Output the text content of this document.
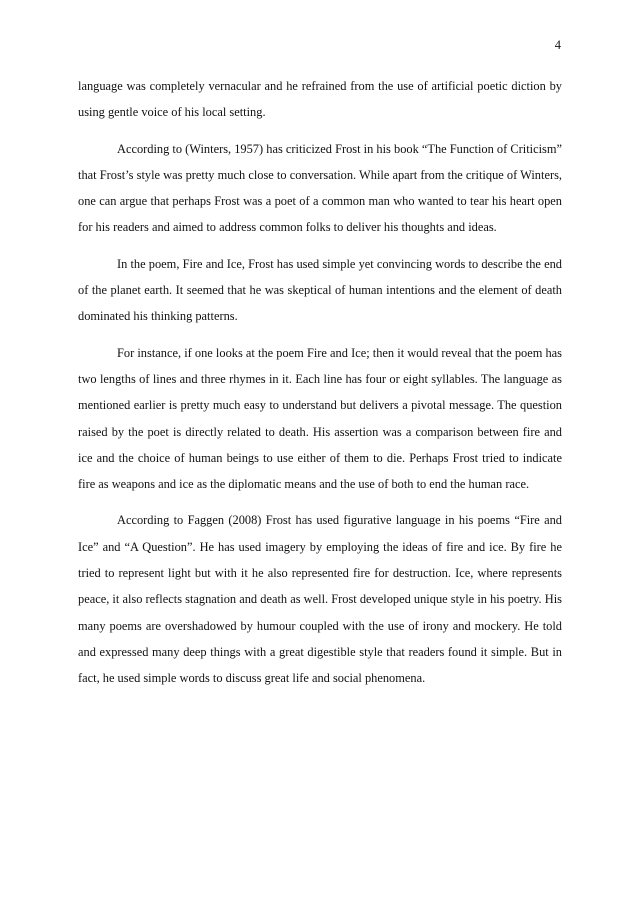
4

language was completely vernacular and he refrained from the use of artificial poetic diction by using gentle voice of his local setting.

According to (Winters, 1957) has criticized Frost in his book “The Function of Criticism” that Frost’s style was pretty much close to conversation. While apart from the critique of Winters, one can argue that perhaps Frost was a poet of a common man who wanted to tear his heart open for his readers and aimed to address common folks to deliver his thoughts and ideas.

In the poem, Fire and Ice, Frost has used simple yet convincing words to describe the end of the planet earth. It seemed that he was skeptical of human intentions and the element of death dominated his thinking patterns.

For instance, if one looks at the poem Fire and Ice; then it would reveal that the poem has two lengths of lines and three rhymes in it. Each line has four or eight syllables. The language as mentioned earlier is pretty much easy to understand but delivers a pivotal message. The question raised by the poet is directly related to death. His assertion was a comparison between fire and ice and the choice of human beings to use either of them to die. Perhaps Frost tried to indicate fire as weapons and ice as the diplomatic means and the use of both to end the human race.

According to Faggen (2008) Frost has used figurative language in his poems “Fire and Ice” and “A Question”. He has used imagery by employing the ideas of fire and ice. By fire he tried to represent light but with it he also represented fire for destruction. Ice, where represents peace, it also reflects stagnation and death as well. Frost developed unique style in his poetry. His many poems are overshadowed by humour coupled with the use of irony and mockery. He told and expressed many deep things with a great digestible style that readers found it simple. But in fact, he used simple words to discuss great life and social phenomena.
